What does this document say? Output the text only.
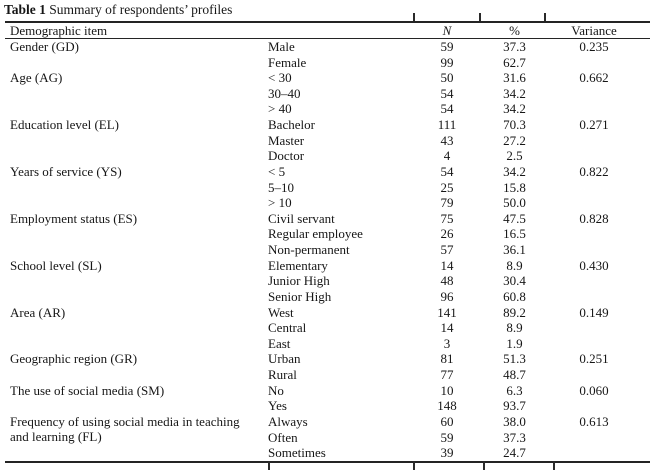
Table 1 Summary of respondents’ profiles
Demographic item		N	%	Variance
Gender (GD)	Male	59	37.3	0.235
	Female	99	62.7	
Age (AG)	< 30	50	31.6	0.662
	30–40	54	34.2	
	> 40	54	34.2	
Education level (EL)	Bachelor	111	70.3	0.271
	Master	43	27.2	
	Doctor	4	2.5	
Years of service (YS)	< 5	54	34.2	0.822
	5–10	25	15.8	
	> 10	79	50.0	
Employment status (ES)	Civil servant	75	47.5	0.828
	Regular employee	26	16.5	
	Non-permanent	57	36.1	
School level (SL)	Elementary	14	8.9	0.430
	Junior High	48	30.4	
	Senior High	96	60.8	
Area (AR)	West	141	89.2	0.149
	Central	14	8.9	
	East	3	1.9	
Geographic region (GR)	Urban	81	51.3	0.251
	Rural	77	48.7	
The use of social media (SM)	No	10	6.3	0.060
	Yes	148	93.7	
Frequency of using social media in teaching
and learning (FL)	Always	60	38.0	0.613
	Often	59	37.3	
	Sometimes	39	24.7	
